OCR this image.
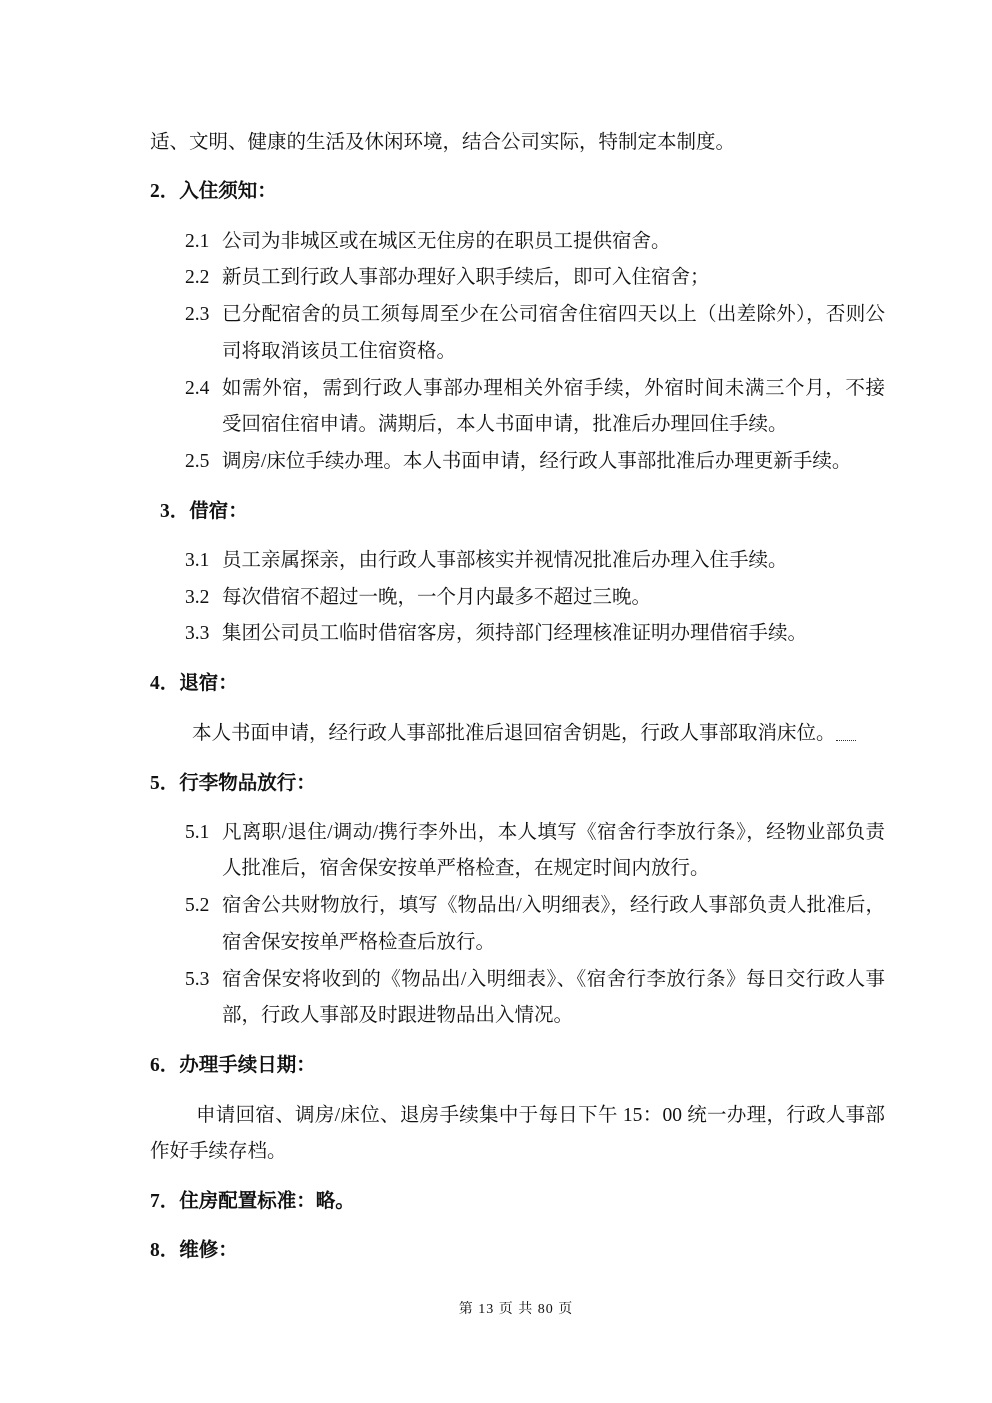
适、文明、健康的生活及休闲环境，结合公司实际，特制定本制度。
2．入住须知：
2.1 公司为非城区或在城区无住房的在职员工提供宿舍。
2.2 新员工到行政人事部办理好入职手续后，即可入住宿舍；
2.3 已分配宿舍的员工须每周至少在公司宿舍住宿四天以上（出差除外），否则公
司将取消该员工住宿资格。
2.4 如需外宿，需到行政人事部办理相关外宿手续，外宿时间未满三个月，不接
受回宿住宿申请。满期后，本人书面申请，批准后办理回住手续。
2.5 调房/床位手续办理。本人书面申请，经行政人事部批准后办理更新手续。
3．借宿：
3.1 员工亲属探亲，由行政人事部核实并视情况批准后办理入住手续。
3.2 每次借宿不超过一晚，一个月内最多不超过三晚。
3.3 集团公司员工临时借宿客房，须持部门经理核准证明办理借宿手续。
4．退宿：
本人书面申请，经行政人事部批准后退回宿舍钥匙，行政人事部取消床位。
5．行李物品放行：
5.1 凡离职/退住/调动/携行李外出，本人填写《宿舍行李放行条》，经物业部负责
人批准后，宿舍保安按单严格检查，在规定时间内放行。
5.2 宿舍公共财物放行，填写《物品出/入明细表》，经行政人事部负责人批准后，
宿舍保安按单严格检查后放行。
5.3 宿舍保安将收到的《物品出/入明细表》、《宿舍行李放行条》每日交行政人事
部，行政人事部及时跟进物品出入情况。
6．办理手续日期：
申请回宿、调房/床位、退房手续集中于每日下午 15：00 统一办理，行政人事部
作好手续存档。
7．住房配置标准：略。
8．维修：
第 13 页 共 80 页
